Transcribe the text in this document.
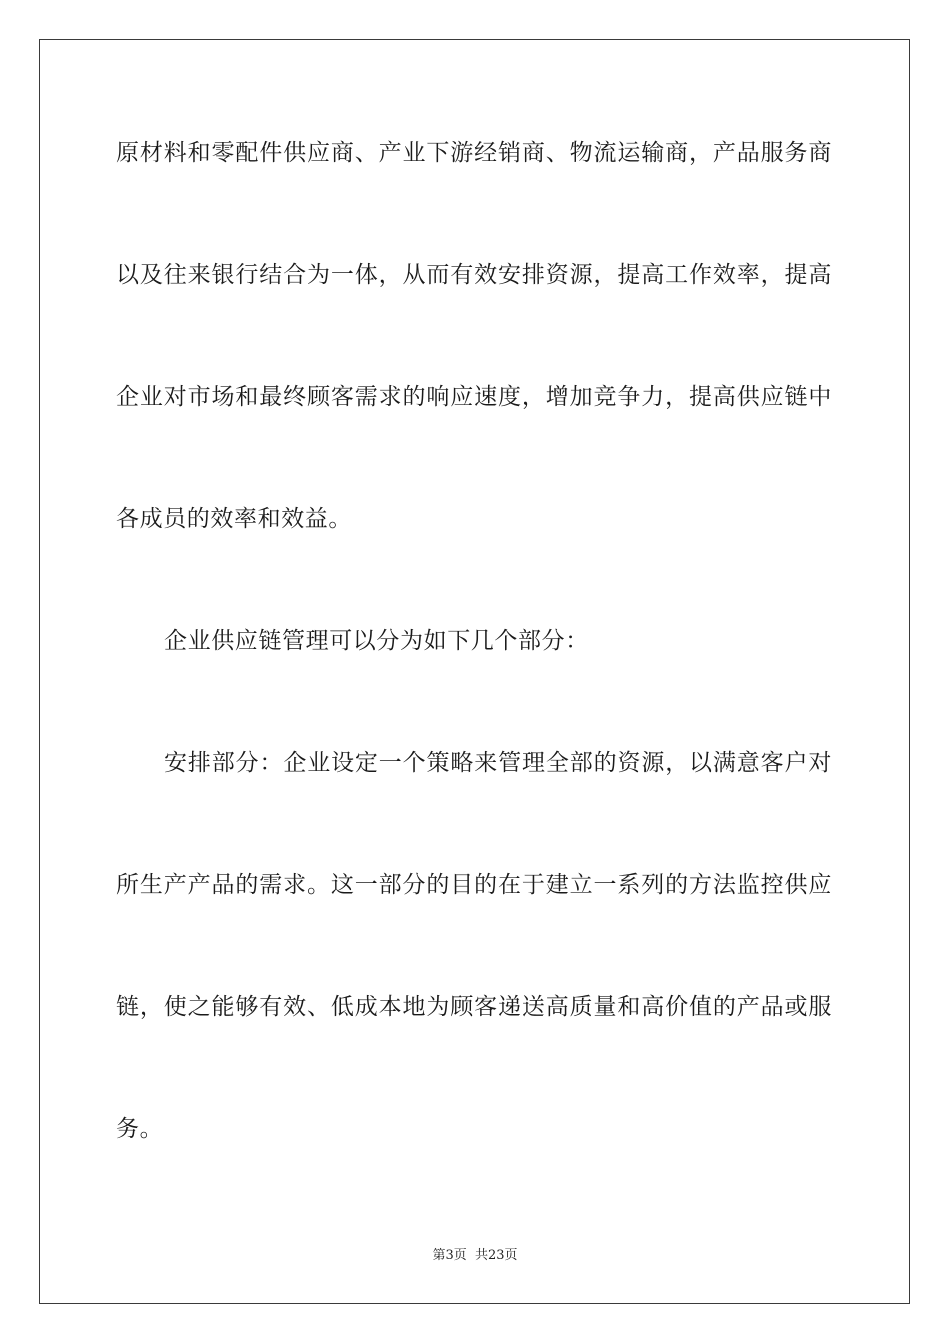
原材料和零配件供应商、产业下游经销商、物流运输商，产品服务商
以及往来银行结合为一体，从而有效安排资源，提高工作效率，提高
企业对市场和最终顾客需求的响应速度，增加竞争力，提高供应链中
各成员的效率和效益。
企业供应链管理可以分为如下几个部分：
安排部分：企业设定一个策略来管理全部的资源，以满意客户对
所生产产品的需求。这一部分的目的在于建立一系列的方法监控供应
链，使之能够有效、低成本地为顾客递送高质量和高价值的产品或服
务。
第3页 共23页
